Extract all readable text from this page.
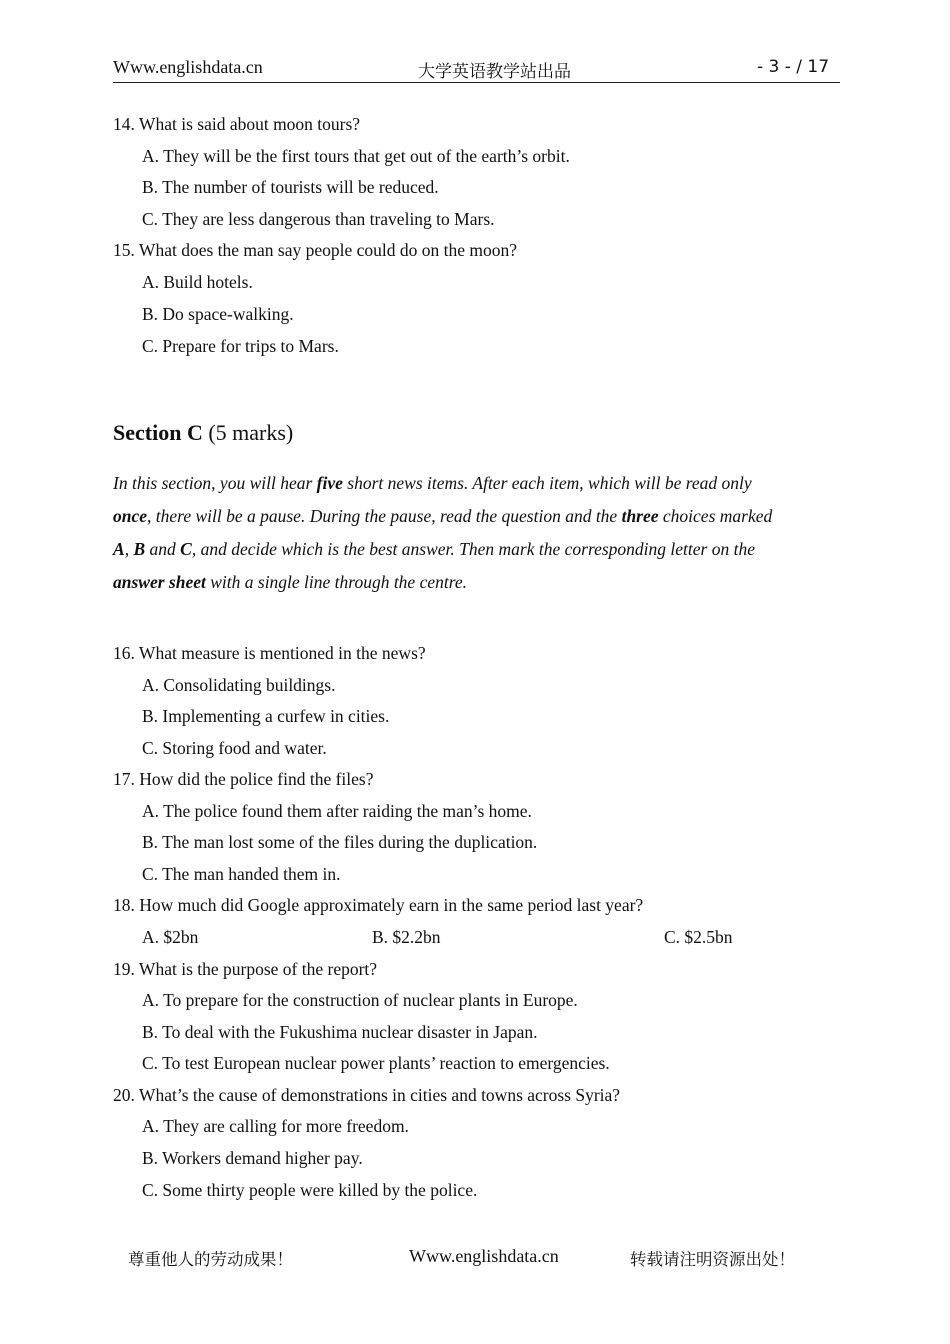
Www.englishdata.cn	大学英语教学站出品	- 3 - / 17
14. What is said about moon tours?
A. They will be the first tours that get out of the earth’s orbit.
B. The number of tourists will be reduced.
C. They are less dangerous than traveling to Mars.
15. What does the man say people could do on the moon?
A. Build hotels.
B. Do space-walking.
C. Prepare for trips to Mars.
Section C (5 marks)
In this section, you will hear five short news items. After each item, which will be read only
once, there will be a pause. During the pause, read the question and the three choices marked
A, B and C, and decide which is the best answer. Then mark the corresponding letter on the
answer sheet with a single line through the centre.
16. What measure is mentioned in the news?
A. Consolidating buildings.
B. Implementing a curfew in cities.
C. Storing food and water.
17. How did the police find the files?
A. The police found them after raiding the man’s home.
B. The man lost some of the files during the duplication.
C. The man handed them in.
18. How much did Google approximately earn in the same period last year?
A. $2bn	B. $2.2bn	C. $2.5bn
19. What is the purpose of the report?
A. To prepare for the construction of nuclear plants in Europe.
B. To deal with the Fukushima nuclear disaster in Japan.
C. To test European nuclear power plants’ reaction to emergencies.
20. What’s the cause of demonstrations in cities and towns across Syria?
A. They are calling for more freedom.
B. Workers demand higher pay.
C. Some thirty people were killed by the police.
尊重他人的劳动成果！	Www.englishdata.cn	转载请注明资源出处！
